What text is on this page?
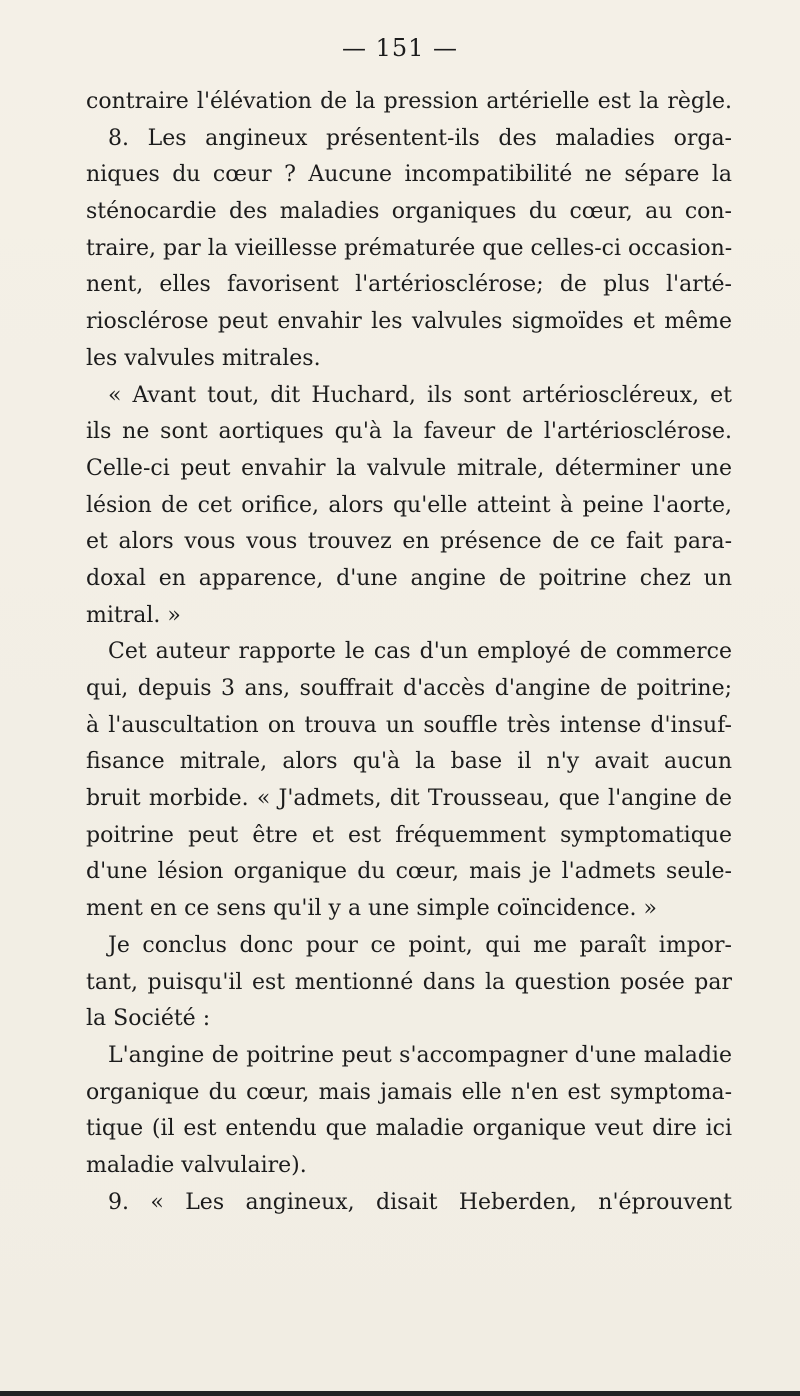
— 151 —
contraire l'élévation de la pression artérielle est la règle.
8. Les angineux présentent-ils des maladies orga-
niques du cœur ? Aucune incompatibilité ne sépare la
sténocardie des maladies organiques du cœur, au con-
traire, par la vieillesse prématurée que celles-ci occasion-
nent, elles favorisent l'artériosclérose; de plus l'arté-
riosclérose peut envahir les valvules sigmoïdes et même
les valvules mitrales.
« Avant tout, dit Huchard, ils sont artérioscléreux, et
ils ne sont aortiques qu'à la faveur de l'artériosclérose.
Celle-ci peut envahir la valvule mitrale, déterminer une
lésion de cet orifice, alors qu'elle atteint à peine l'aorte,
et alors vous vous trouvez en présence de ce fait para-
doxal en apparence, d'une angine de poitrine chez un
mitral. »
Cet auteur rapporte le cas d'un employé de commerce
qui, depuis 3 ans, souffrait d'accès d'angine de poitrine;
à l'auscultation on trouva un souffle très intense d'insuf-
fisance mitrale, alors qu'à la base il n'y avait aucun
bruit morbide. « J'admets, dit Trousseau, que l'angine de
poitrine peut être et est fréquemment symptomatique
d'une lésion organique du cœur, mais je l'admets seule-
ment en ce sens qu'il y a une simple coïncidence. »
Je conclus donc pour ce point, qui me paraît impor-
tant, puisqu'il est mentionné dans la question posée par
la Société :
L'angine de poitrine peut s'accompagner d'une maladie
organique du cœur, mais jamais elle n'en est symptoma-
tique (il est entendu que maladie organique veut dire ici
maladie valvulaire).
9. « Les angineux, disait Heberden, n'éprouvent
